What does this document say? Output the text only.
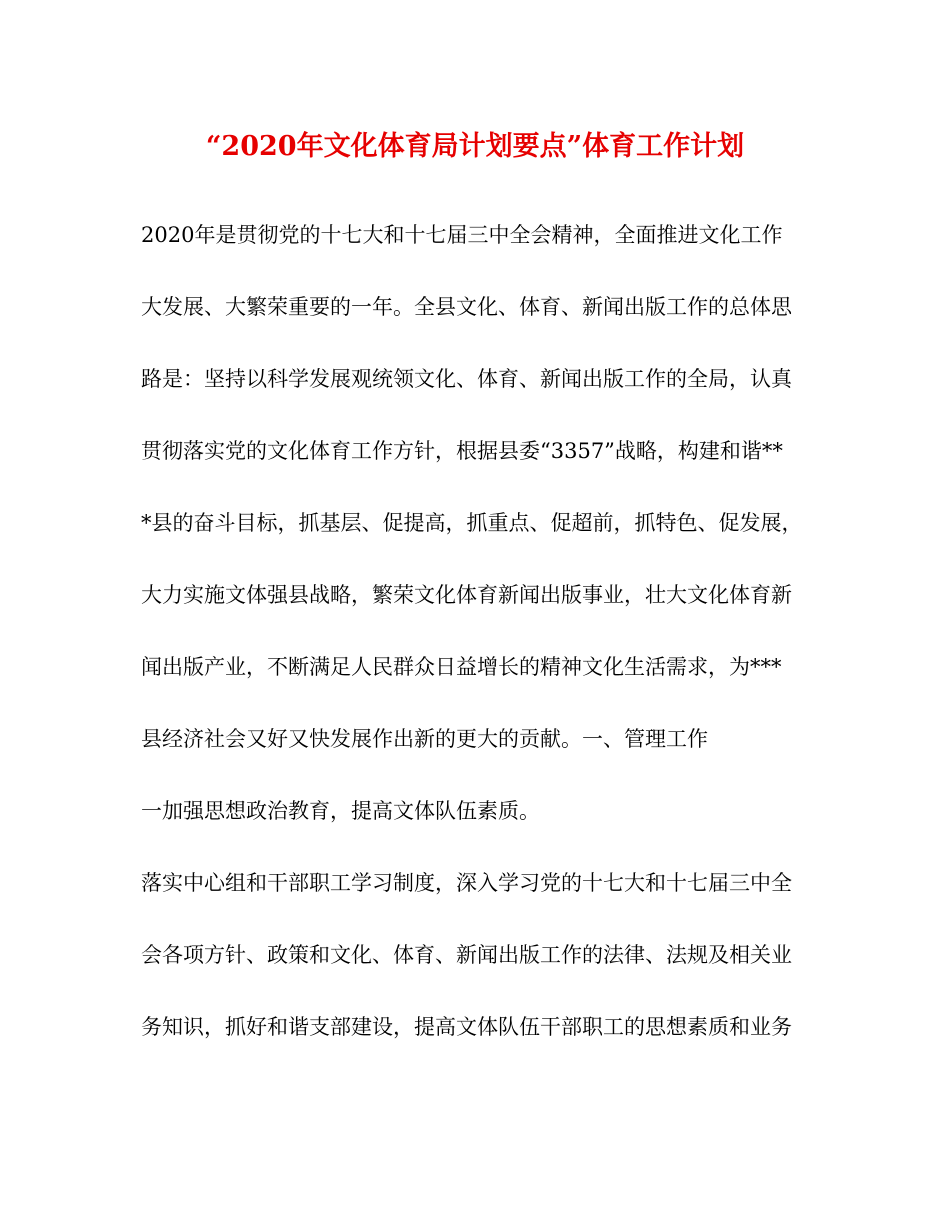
“2020年文化体育局计划要点”体育工作计划
2020年是贯彻党的十七大和十七届三中全会精神，全面推进文化工作
大发展、大繁荣重要的一年。全县文化、体育、新闻出版工作的总体思
路是：坚持以科学发展观统领文化、体育、新闻出版工作的全局，认真
贯彻落实党的文化体育工作方针，根据县委“3357”战略，构建和谐**
*县的奋斗目标，抓基层、促提高，抓重点、促超前，抓特色、促发展，
大力实施文体强县战略，繁荣文化体育新闻出版事业，壮大文化体育新
闻出版产业，不断满足人民群众日益增长的精神文化生活需求，为***
县经济社会又好又快发展作出新的更大的贡献。一、管理工作
一加强思想政治教育，提高文体队伍素质。
落实中心组和干部职工学习制度，深入学习党的十七大和十七届三中全
会各项方针、政策和文化、体育、新闻出版工作的法律、法规及相关业
务知识，抓好和谐支部建设，提高文体队伍干部职工的思想素质和业务
